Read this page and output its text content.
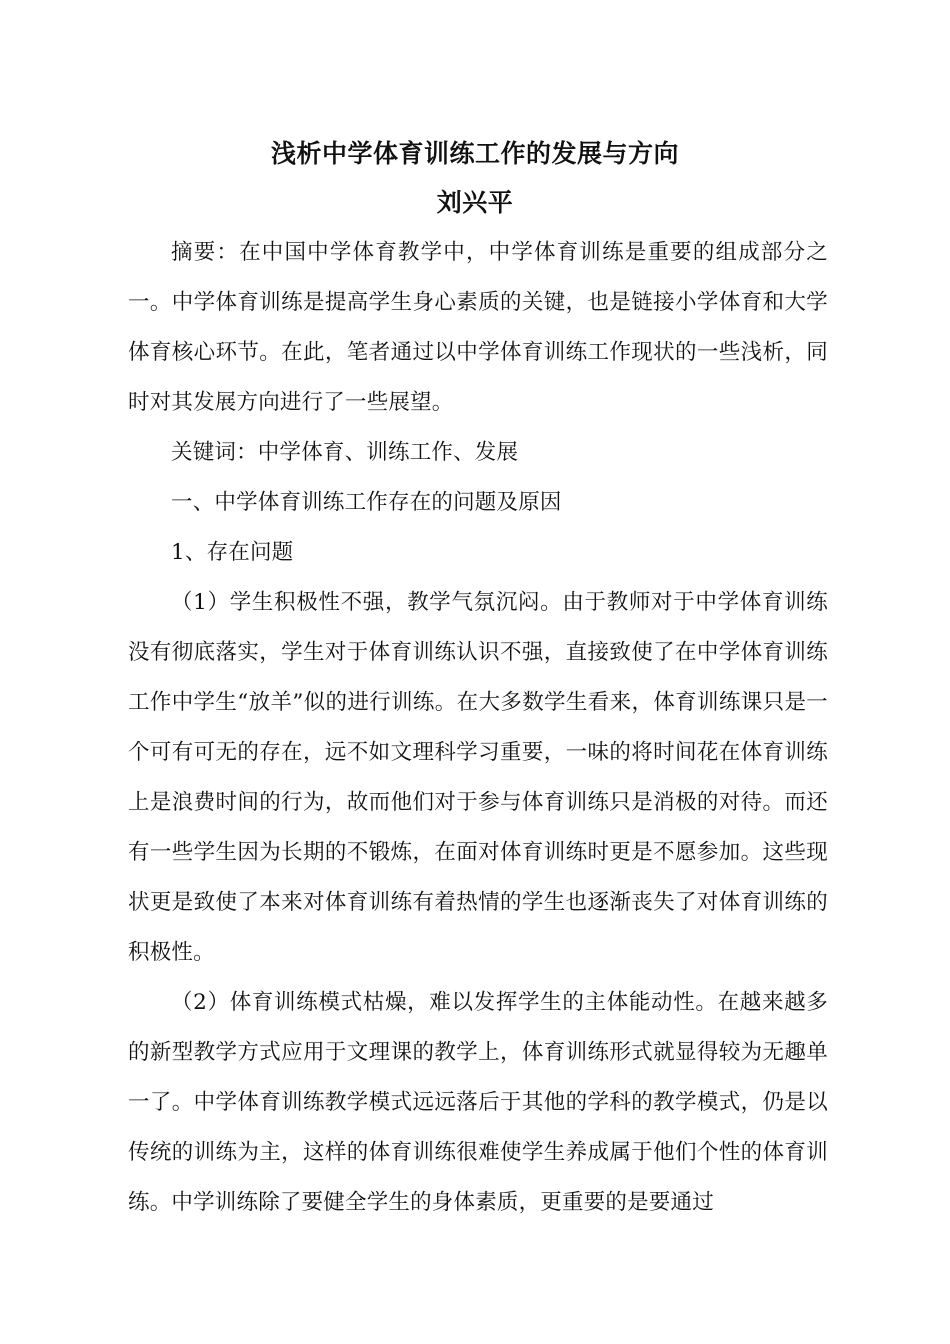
浅析中学体育训练工作的发展与方向
刘兴平

摘要：在中国中学体育教学中，中学体育训练是重要的组成部分之一。中学体育训练是提高学生身心素质的关键，也是链接小学体育和大学体育核心环节。在此，笔者通过以中学体育训练工作现状的一些浅析，同时对其发展方向进行了一些展望。

关键词：中学体育、训练工作、发展

一、中学体育训练工作存在的问题及原因

1、存在问题

（1）学生积极性不强，教学气氛沉闷。由于教师对于中学体育训练没有彻底落实，学生对于体育训练认识不强，直接致使了在中学体育训练工作中学生“放羊”似的进行训练。在大多数学生看来，体育训练课只是一个可有可无的存在，远不如文理科学习重要，一味的将时间花在体育训练上是浪费时间的行为，故而他们对于参与体育训练只是消极的对待。而还有一些学生因为长期的不锻炼，在面对体育训练时更是不愿参加。这些现状更是致使了本来对体育训练有着热情的学生也逐渐丧失了对体育训练的积极性。

（2）体育训练模式枯燥，难以发挥学生的主体能动性。在越来越多的新型教学方式应用于文理课的教学上，体育训练形式就显得较为无趣单一了。中学体育训练教学模式远远落后于其他的学科的教学模式，仍是以传统的训练为主，这样的体育训练很难使学生养成属于他们个性的体育训练。中学训练除了要健全学生的身体素质，更重要的是要通过
